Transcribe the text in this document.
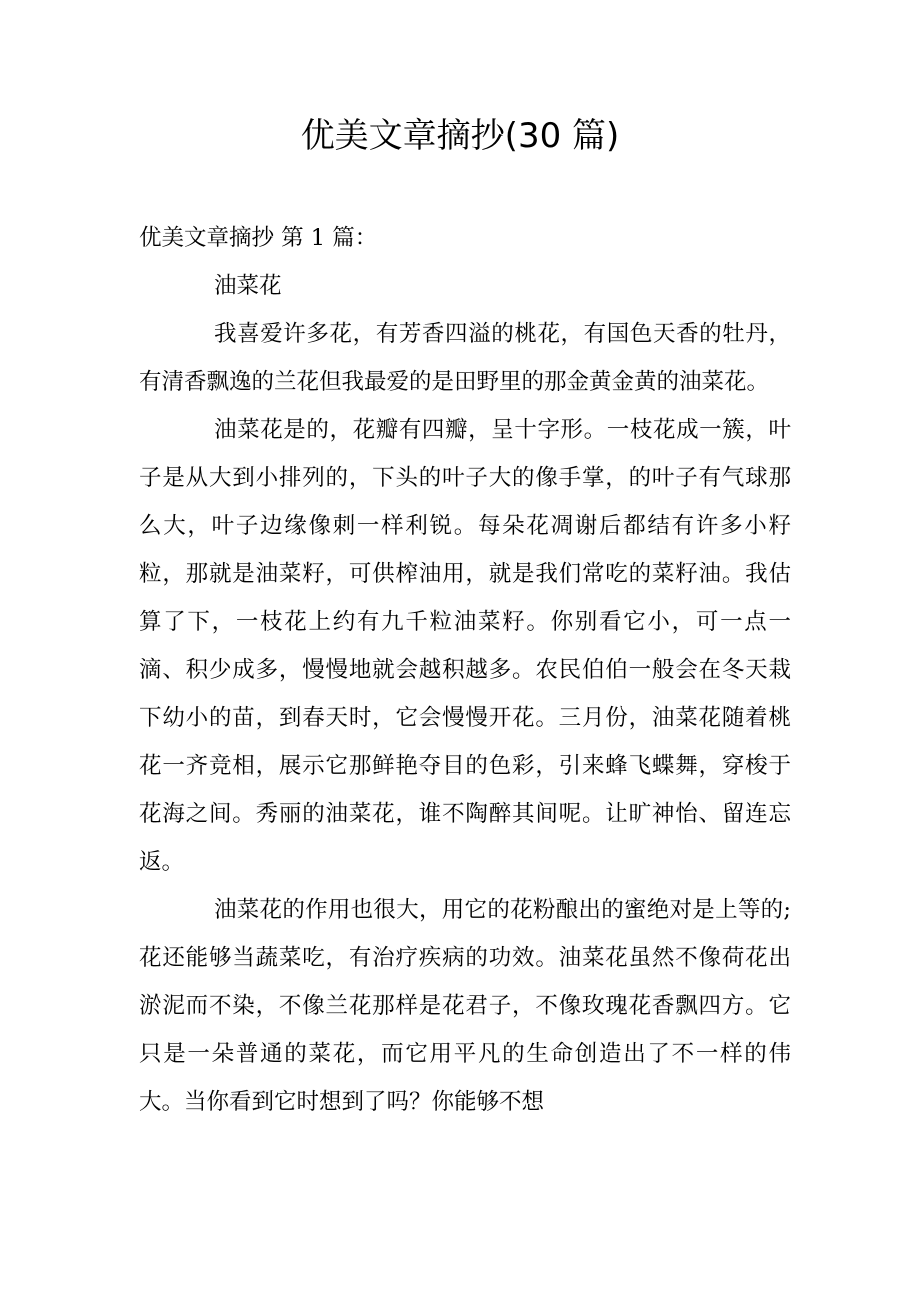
优美文章摘抄(30 篇)

优美文章摘抄 第 1 篇：

油菜花

我喜爱许多花，有芳香四溢的桃花，有国色天香的牡丹，有清香飘逸的兰花但我最爱的是田野里的那金黄金黄的油菜花。

油菜花是的，花瓣有四瓣，呈十字形。一枝花成一簇，叶子是从大到小排列的，下头的叶子大的像手掌，的叶子有气球那么大，叶子边缘像刺一样利锐。每朵花凋谢后都结有许多小籽粒，那就是油菜籽，可供榨油用，就是我们常吃的菜籽油。我估算了下，一枝花上约有九千粒油菜籽。你别看它小，可一点一滴、积少成多，慢慢地就会越积越多。农民伯伯一般会在冬天栽下幼小的苗，到春天时，它会慢慢开花。三月份，油菜花随着桃花一齐竞相，展示它那鲜艳夺目的色彩，引来蜂飞蝶舞，穿梭于花海之间。秀丽的油菜花，谁不陶醉其间呢。让旷神怡、留连忘返。

油菜花的作用也很大，用它的花粉酿出的蜜绝对是上等的;花还能够当蔬菜吃，有治疗疾病的功效。油菜花虽然不像荷花出淤泥而不染，不像兰花那样是花君子，不像玫瑰花香飘四方。它只是一朵普通的菜花，而它用平凡的生命创造出了不一样的伟大。当你看到它时想到了吗？你能够不想
